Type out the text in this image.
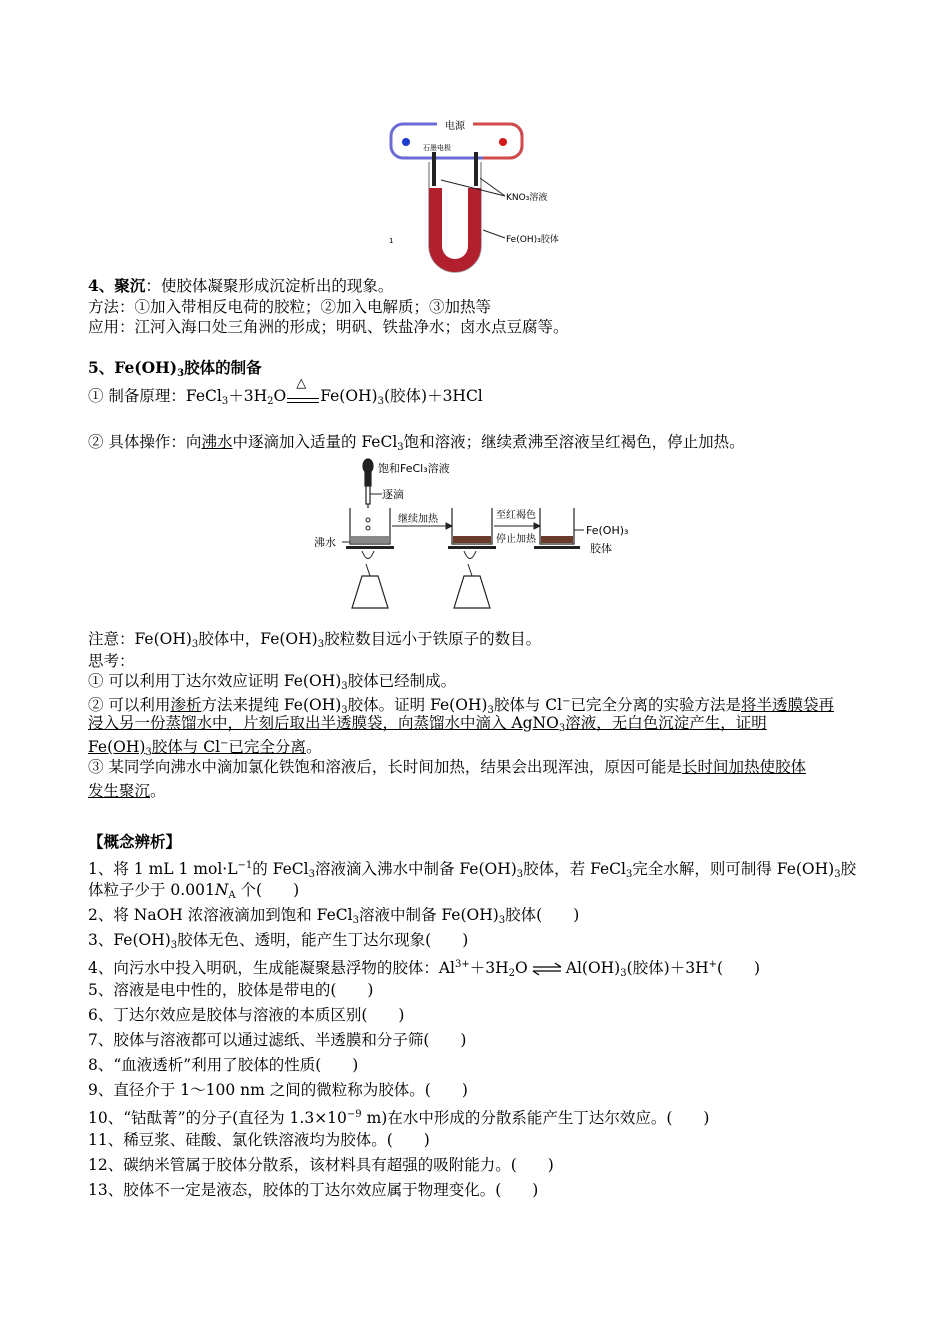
电源
石墨电极
KNO₃溶液
Fe(OH)₃胶体
1
4、聚沉：使胶体凝聚形成沉淀析出的现象。
方法：①加入带相反电荷的胶粒；②加入电解质；③加热等
应用：江河入海口处三角洲的形成；明矾、铁盐净水；卤水点豆腐等。
5、$Fe(OH)_3$胶体的制备
① 制备原理：$FeCl_3+3H_2O$
△
$Fe(OH)_3$(胶体)＋3HCl
② 具体操作：向沸水中逐滴加入适量的 FeCl$_3$饱和溶液；继续煮沸至溶液呈红褐色，停止加热。
饱和FeCl₃溶液
逐滴
沸水
继续加热	至红褐色
停止加热
Fe(OH)₃
胶体
注意：$Fe(OH)_3$胶体中，$Fe(OH)_3$胶粒数目远小于铁原子的数目。
思考：
① 可以利用丁达尔效应证明 $Fe(OH)_3$胶体已经制成。
② 可以利用渗析方法来提纯 $Fe(OH)_3$胶体。证明 $Fe(OH)_3$胶体与 Cl−已完全分离的实验方法是将半透膜袋再
浸入另一份蒸馏水中，片刻后取出半透膜袋，向蒸馏水中滴入 AgNO$_3$溶液，无白色沉淀产生，证明
$Fe(OH)_3$胶体与 Cl−已完全分离。
③ 某同学向沸水中滴加氯化铁饱和溶液后，长时间加热，结果会出现浑浊，原因可能是长时间加热使胶体
发生聚沉。
【概念辨析】
1、将 1 mL 1 $mol\cdot L^{-1}$的 FeCl$_3$溶液滴入沸水中制备 $Fe(OH)_3$胶体，若 FeCl$_3$完全水解，则可制得 $Fe(OH)_3$胶
体粒子少于 $0.001N_A$ 个(　　)
2、将 NaOH 浓溶液滴加到饱和 FeCl$_3$溶液中制备 $Fe(OH)_3$胶体(　　)
3、$Fe(OH)_3$胶体无色、透明，能产生丁达尔现象(　　)
4、向污水中投入明矾，生成能凝聚悬浮物的胶体：$Al^{3+}+3H_2O$ ⇌ $Al(OH)_3$(胶体)＋3H+(　　)
5、溶液是电中性的，胶体是带电的(　　)
6、丁达尔效应是胶体与溶液的本质区别(　　)
7、胶体与溶液都可以通过滤纸、半透膜和分子筛(　　)
8、“血液透析”利用了胶体的性质(　　)
9、直径介于 1～100 nm 之间的微粒称为胶体。(　　)
10、“钴酞菁”的分子(直径为 $1.3\times 10^{-9}$ m)在水中形成的分散系能产生丁达尔效应。(　　)
11、稀豆浆、硅酸、氯化铁溶液均为胶体。(　　)
12、碳纳米管属于胶体分散系，该材料具有超强的吸附能力。(　　)
13、胶体不一定是液态，胶体的丁达尔效应属于物理变化。(　　)
